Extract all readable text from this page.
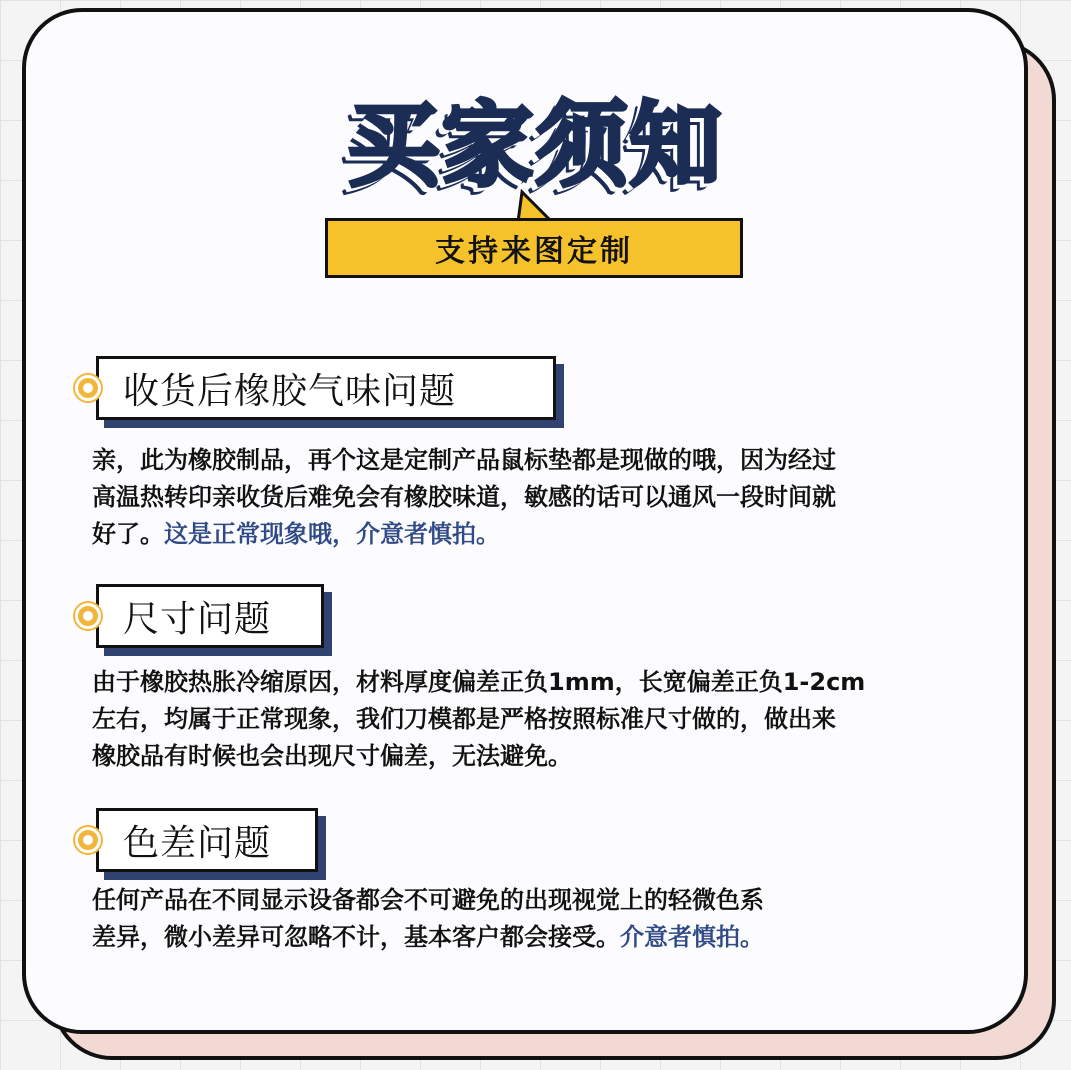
买家须知
支持来图定制
收货后橡胶气味问题
亲，此为橡胶制品，再个这是定制产品鼠标垫都是现做的哦，因为经过
高温热转印亲收货后难免会有橡胶味道，敏感的话可以通风一段时间就
好了。这是正常现象哦，介意者慎拍。
尺寸问题
由于橡胶热胀冷缩原因，材料厚度偏差正负1mm，长宽偏差正负1-2cm
左右，均属于正常现象，我们刀模都是严格按照标准尺寸做的，做出来
橡胶品有时候也会出现尺寸偏差，无法避免。
色差问题
任何产品在不同显示设备都会不可避免的出现视觉上的轻微色系
差异，微小差异可忽略不计，基本客户都会接受。介意者慎拍。
